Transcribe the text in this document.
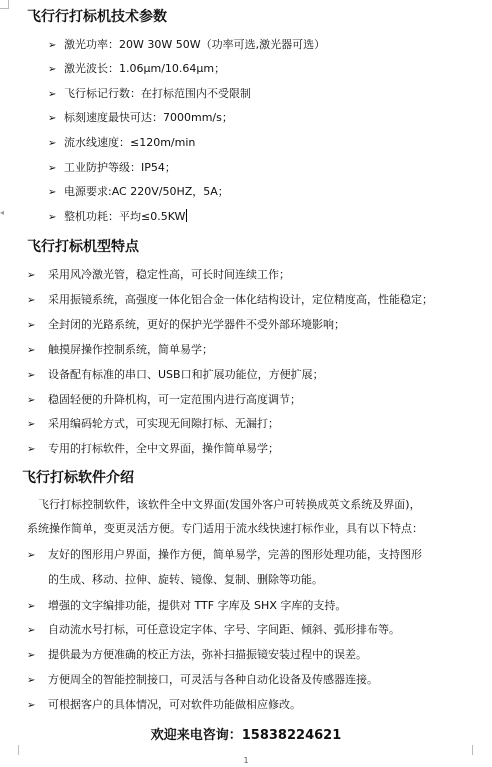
◂
飞行行打标机技术参数
➢ 激光功率：20W 30W 50W（功率可选,激光器可选）
➢ 激光波长：1.06μm/10.64μm；
➢ 飞行标记行数：在打标范围内不受限制
➢ 标刻速度最快可达：7000mm/s；
➢ 流水线速度：≤120m/min
➢ 工业防护等级：IP54；
➢ 电源要求:AC 220V/50HZ，5A；
➢ 整机功耗：平均≤0.5KW
飞行打标机型特点
➢ 采用风冷激光管，稳定性高，可长时间连续工作；
➢ 采用振镜系统，高强度一体化铝合金一体化结构设计，定位精度高，性能稳定；
➢ 全封闭的光路系统，更好的保护光学器件不受外部环境影响；
➢ 触摸屏操作控制系统，简单易学；
➢ 设备配有标准的串口、USB口和扩展功能位，方便扩展；
➢ 稳固轻便的升降机构，可一定范围内进行高度调节；
➢ 采用编码轮方式，可实现无间隙打标、无漏打；
➢ 专用的打标软件，全中文界面，操作简单易学；
飞行打标软件介绍
飞行打标控制软件，该软件全中文界面(发国外客户可转换成英文系统及界面)，
系统操作简单，变更灵活方便。专门适用于流水线快速打标作业，具有以下特点：
➢ 友好的图形用户界面，操作方便，简单易学，完善的图形处理功能，支持图形
➢ 增强的文字编排功能，提供对 TTF 字库及 SHX 字库的支持。
➢ 自动流水号打标，可任意设定字体、字号、字间距、倾斜、弧形排布等。
➢ 提供最为方便准确的校正方法，弥补扫描振镜安装过程中的误差。
➢ 方便周全的智能控制接口，可灵活与各种自动化设备及传感器连接。
➢ 可根据客户的具体情况，可对软件功能做相应修改。
的生成、移动、拉伸、旋转、镜像、复制、删除等功能。
欢迎来电咨询：15838224621
1
